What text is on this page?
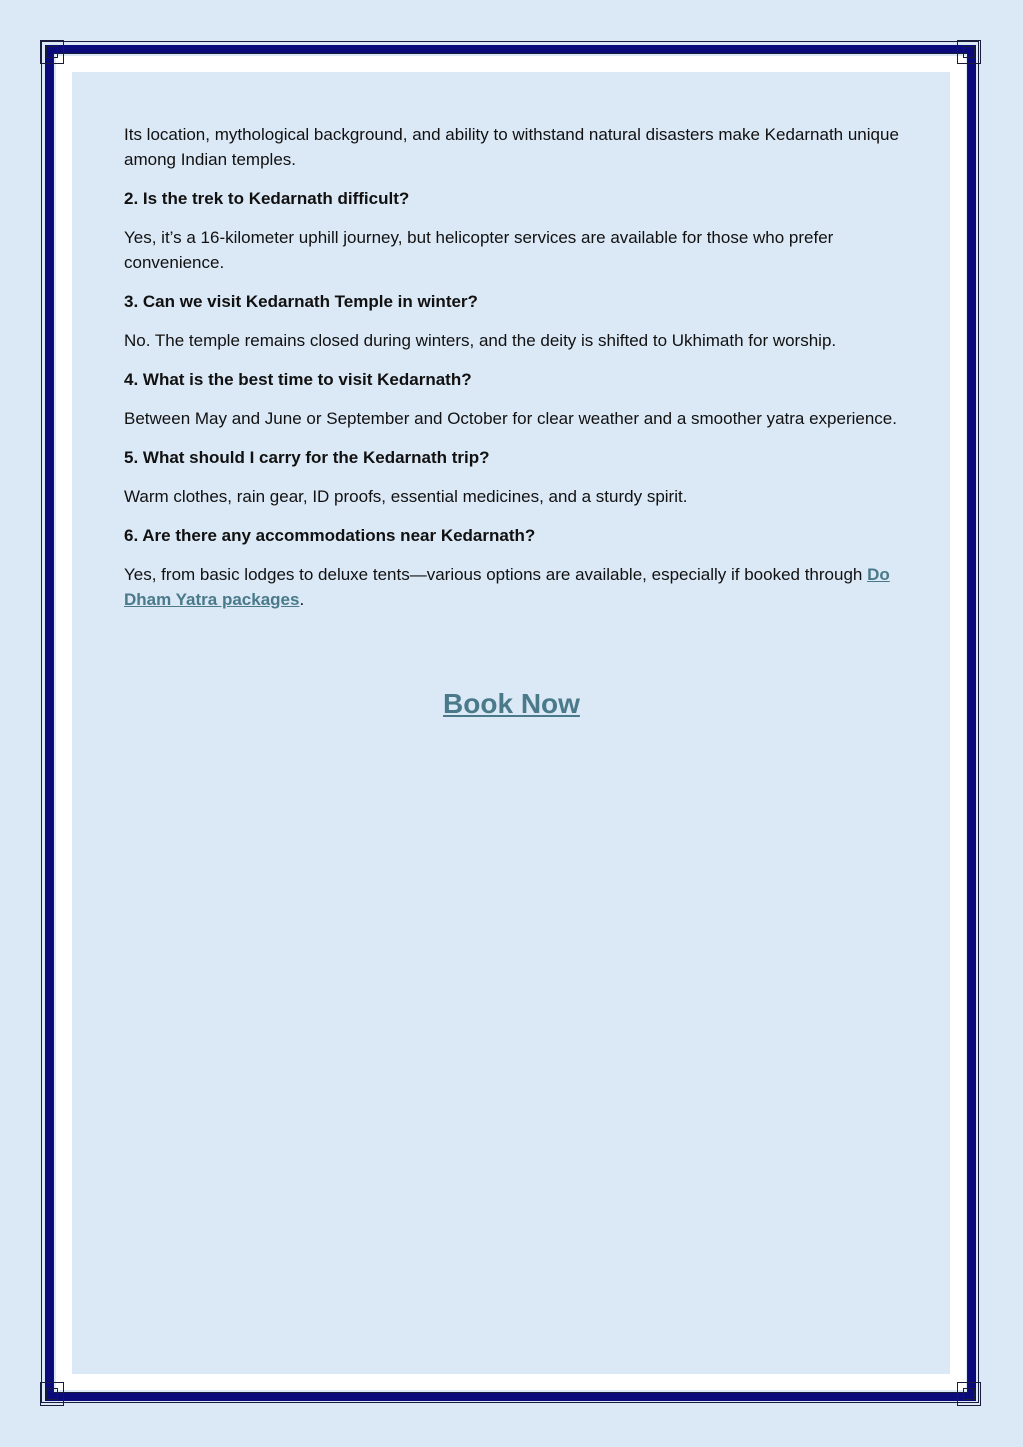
Its location, mythological background, and ability to withstand natural disasters make Kedarnath unique among Indian temples.

2. Is the trek to Kedarnath difficult?

Yes, it’s a 16-kilometer uphill journey, but helicopter services are available for those who prefer convenience.

3. Can we visit Kedarnath Temple in winter?

No. The temple remains closed during winters, and the deity is shifted to Ukhimath for worship.

4. What is the best time to visit Kedarnath?

Between May and June or September and October for clear weather and a smoother yatra experience.

5. What should I carry for the Kedarnath trip?

Warm clothes, rain gear, ID proofs, essential medicines, and a sturdy spirit.

6. Are there any accommodations near Kedarnath?

Yes, from basic lodges to deluxe tents—various options are available, especially if booked through Do Dham Yatra packages.

Book Now
